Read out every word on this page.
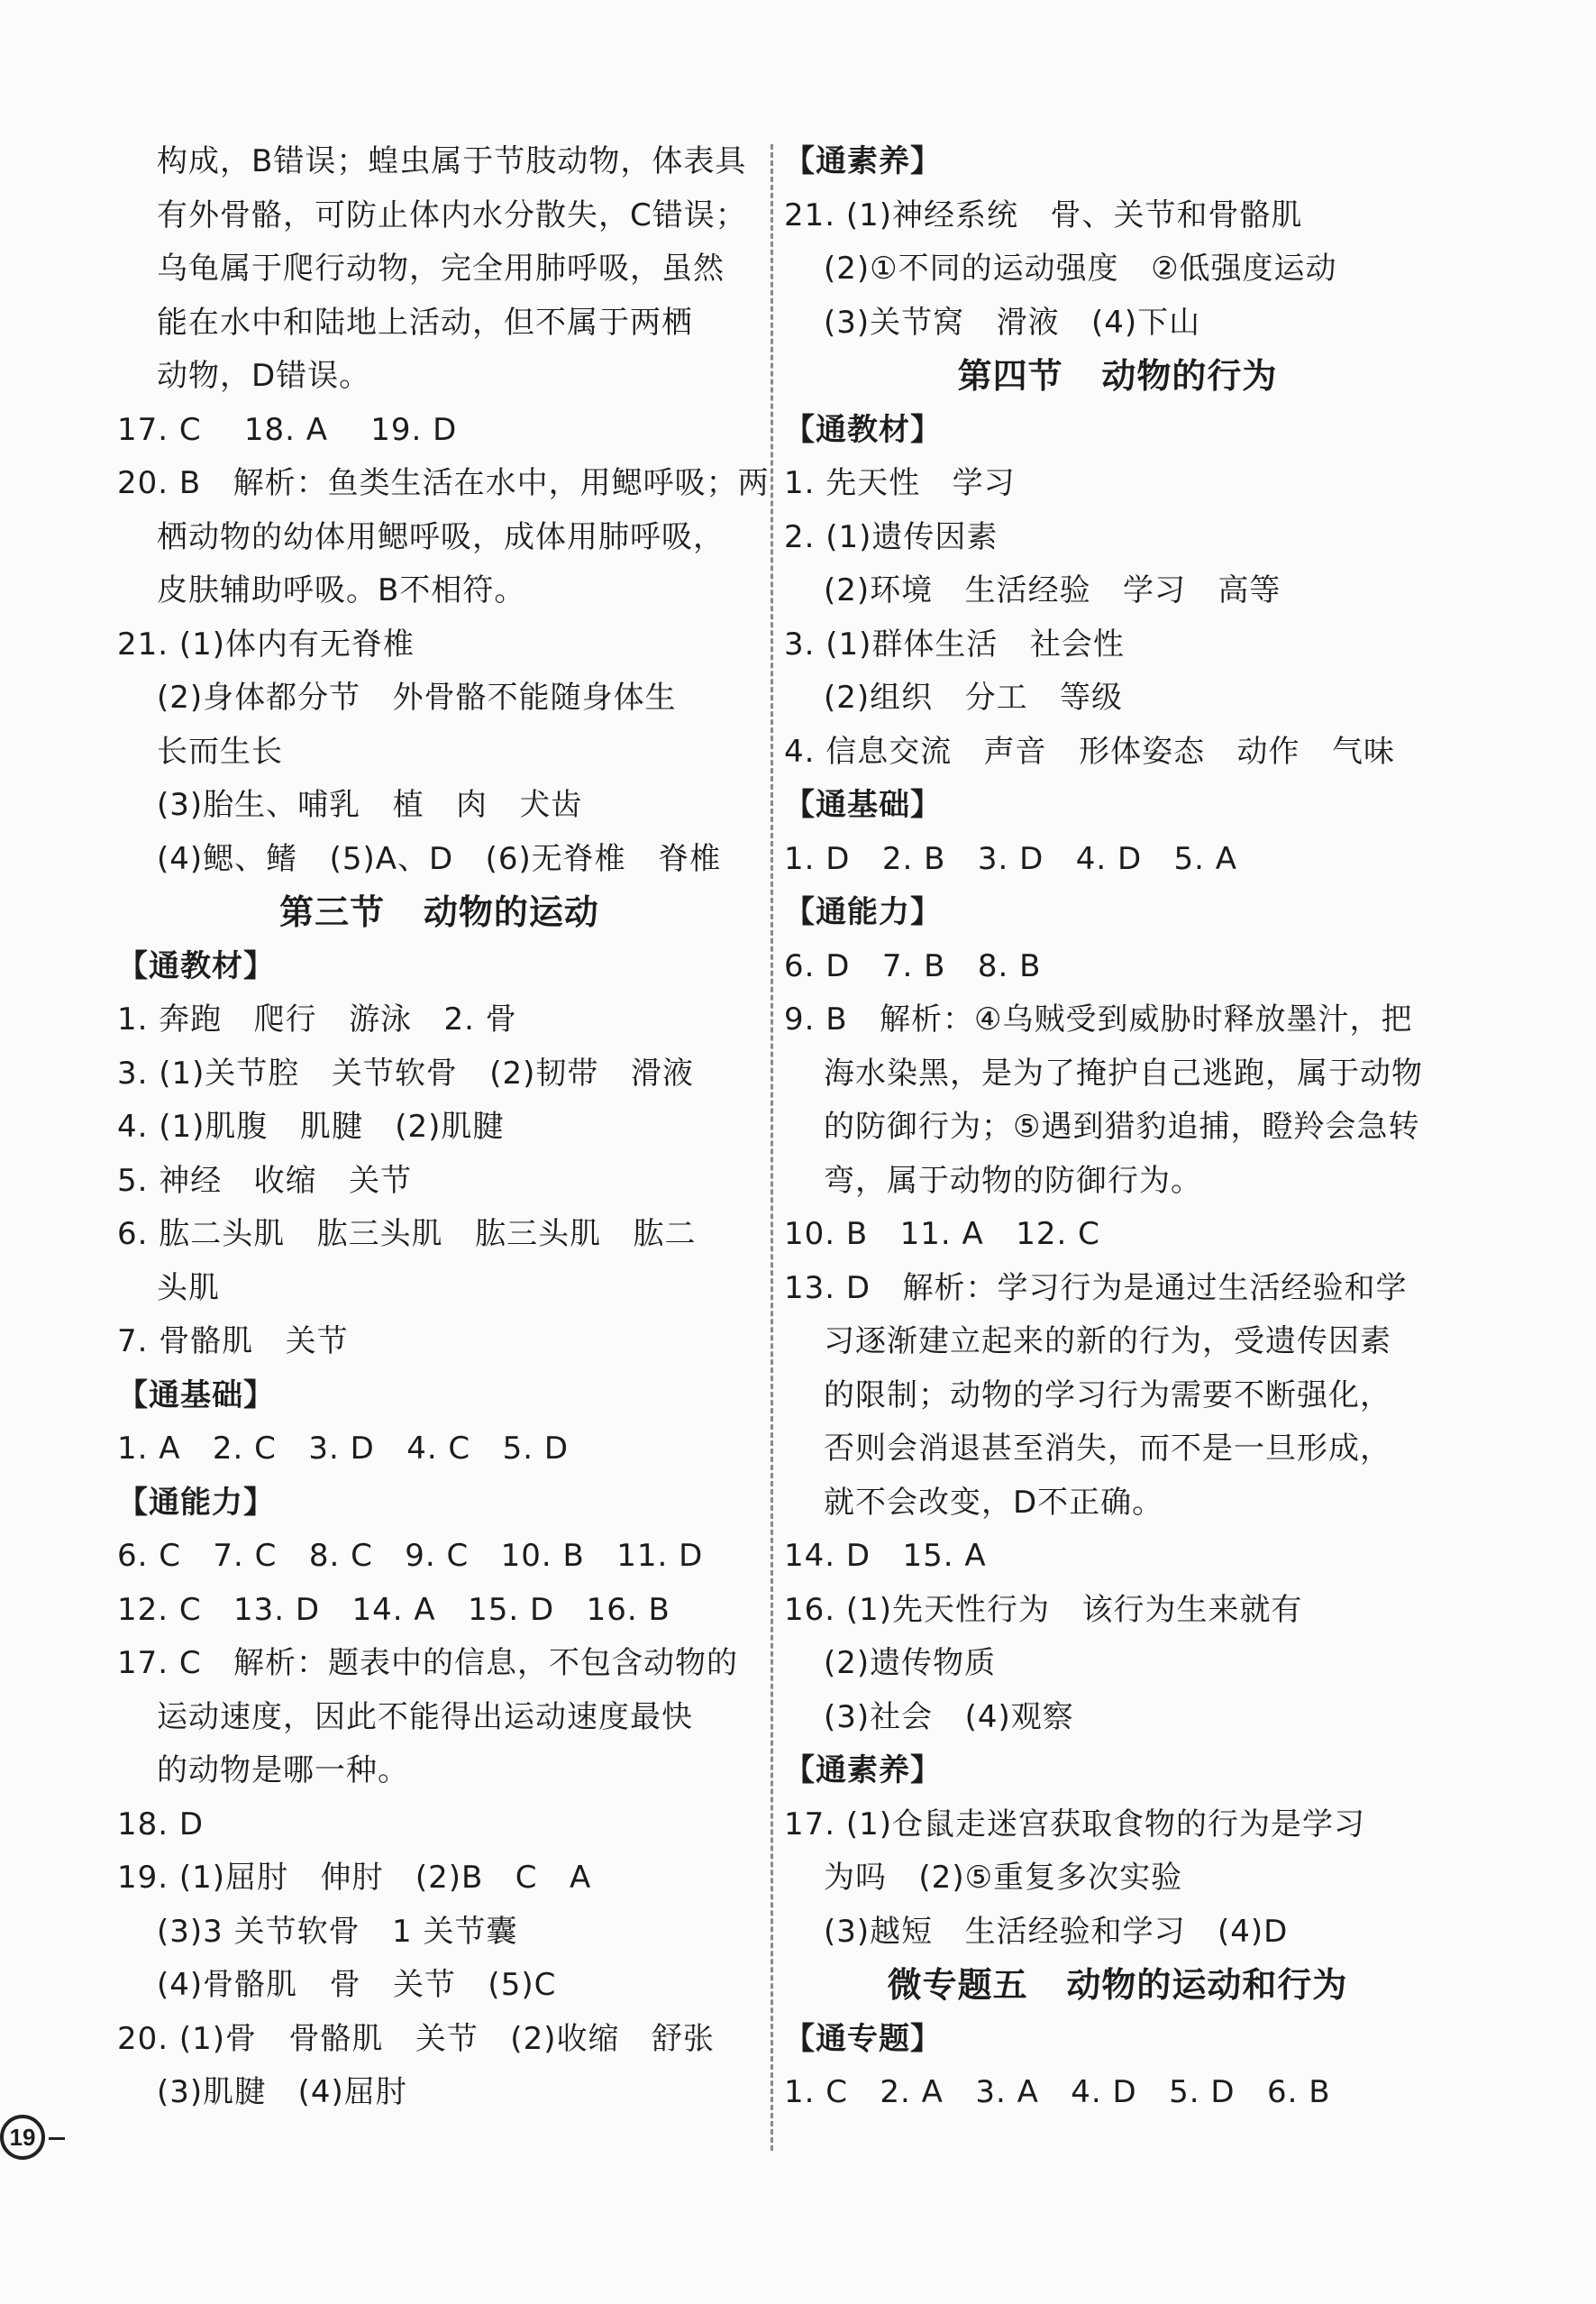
构成，B错误；蝗虫属于节肢动物，体表具
有外骨骼，可防止体内水分散失，C错误；
乌龟属于爬行动物，完全用肺呼吸，虽然
能在水中和陆地上活动，但不属于两栖
动物，D错误。
17. C    18. A    19. D
20. B   解析：鱼类生活在水中，用鳃呼吸；两
栖动物的幼体用鳃呼吸，成体用肺呼吸，
皮肤辅助呼吸。B不相符。
21. (1)体内有无脊椎
(2)身体都分节   外骨骼不能随身体生
长而生长
(3)胎生、哺乳   植   肉   犬齿
(4)鳃、鳍   (5)A、D   (6)无脊椎   脊椎
第三节   动物的运动
【通教材】
1. 奔跑   爬行   游泳   2. 骨
3. (1)关节腔   关节软骨   (2)韧带   滑液
4. (1)肌腹   肌腱   (2)肌腱
5. 神经   收缩   关节
6. 肱二头肌   肱三头肌   肱三头肌   肱二
头肌
7. 骨骼肌   关节
【通基础】
1. A   2. C   3. D   4. C   5. D
【通能力】
6. C   7. C   8. C   9. C   10. B   11. D
12. C   13. D   14. A   15. D   16. B
17. C   解析：题表中的信息，不包含动物的
运动速度，因此不能得出运动速度最快
的动物是哪一种。
18. D
19. (1)屈肘   伸肘   (2)B   C   A
(3)3 关节软骨   1 关节囊
(4)骨骼肌   骨   关节   (5)C
20. (1)骨   骨骼肌   关节   (2)收缩   舒张
(3)肌腱   (4)屈肘
【通素养】
21. (1)神经系统   骨、关节和骨骼肌
(2)①不同的运动强度   ②低强度运动
(3)关节窝   滑液   (4)下山
第四节   动物的行为
【通教材】
1. 先天性   学习
2. (1)遗传因素
(2)环境   生活经验   学习   高等
3. (1)群体生活   社会性
(2)组织   分工   等级
4. 信息交流   声音   形体姿态   动作   气味
【通基础】
1. D   2. B   3. D   4. D   5. A
【通能力】
6. D   7. B   8. B
9. B   解析：④乌贼受到威胁时释放墨汁，把
海水染黑，是为了掩护自己逃跑，属于动物
的防御行为；⑤遇到猎豹追捕，瞪羚会急转
弯，属于动物的防御行为。
10. B   11. A   12. C
13. D   解析：学习行为是通过生活经验和学
习逐渐建立起来的新的行为，受遗传因素
的限制；动物的学习行为需要不断强化，
否则会消退甚至消失，而不是一旦形成，
就不会改变，D不正确。
14. D   15. A
16. (1)先天性行为   该行为生来就有
(2)遗传物质
(3)社会   (4)观察
【通素养】
17. (1)仓鼠走迷宫获取食物的行为是学习
为吗   (2)⑤重复多次实验
(3)越短   生活经验和学习   (4)D
微专题五   动物的运动和行为
【通专题】
1. C   2. A   3. A   4. D   5. D   6. B
19
